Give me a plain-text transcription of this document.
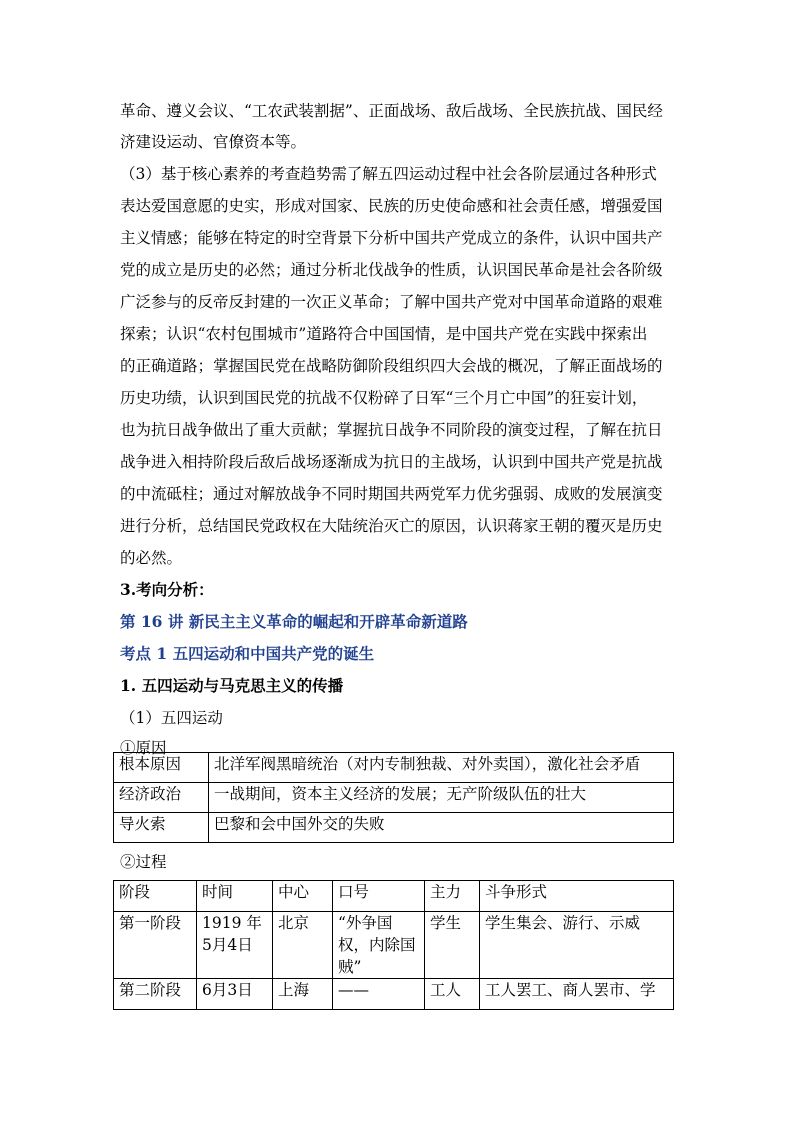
革命、遵义会议、“工农武装割据”、正面战场、敌后战场、全民族抗战、国民经
济建设运动、官僚资本等。
（3）基于核心素养的考查趋势需了解五四运动过程中社会各阶层通过各种形式
表达爱国意愿的史实，形成对国家、民族的历史使命感和社会责任感，增强爱国
主义情感；能够在特定的时空背景下分析中国共产党成立的条件，认识中国共产
党的成立是历史的必然；通过分析北伐战争的性质，认识国民革命是社会各阶级
广泛参与的反帝反封建的一次正义革命；了解中国共产党对中国革命道路的艰难
探索；认识“农村包围城市”道路符合中国国情，是中国共产党在实践中探索出
的正确道路；掌握国民党在战略防御阶段组织四大会战的概况，了解正面战场的
历史功绩，认识到国民党的抗战不仅粉碎了日军“三个月亡中国”的狂妄计划，
也为抗日战争做出了重大贡献；掌握抗日战争不同阶段的演变过程，了解在抗日
战争进入相持阶段后敌后战场逐渐成为抗日的主战场，认识到中国共产党是抗战
的中流砥柱；通过对解放战争不同时期国共两党军力优劣强弱、成败的发展演变
进行分析，总结国民党政权在大陆统治灭亡的原因，认识蒋家王朝的覆灭是历史
的必然。
3.考向分析：
第 16 讲 新民主主义革命的崛起和开辟革命新道路
考点 1 五四运动和中国共产党的诞生
1. 五四运动与马克思主义的传播
（1）五四运动
①原因
根本原因	北洋军阀黑暗统治（对内专制独裁、对外卖国），激化社会矛盾
经济政治	一战期间，资本主义经济的发展；无产阶级队伍的壮大
导火索	巴黎和会中国外交的失败
②过程
阶段	时间	中心	口号	主力	斗争形式
第一阶段	1919 年 5月4日	北京	“外争国权，内除国贼”	学生	学生集会、游行、示威
第二阶段	6月3日	上海	——	工人	工人罢工、商人罢市、学
